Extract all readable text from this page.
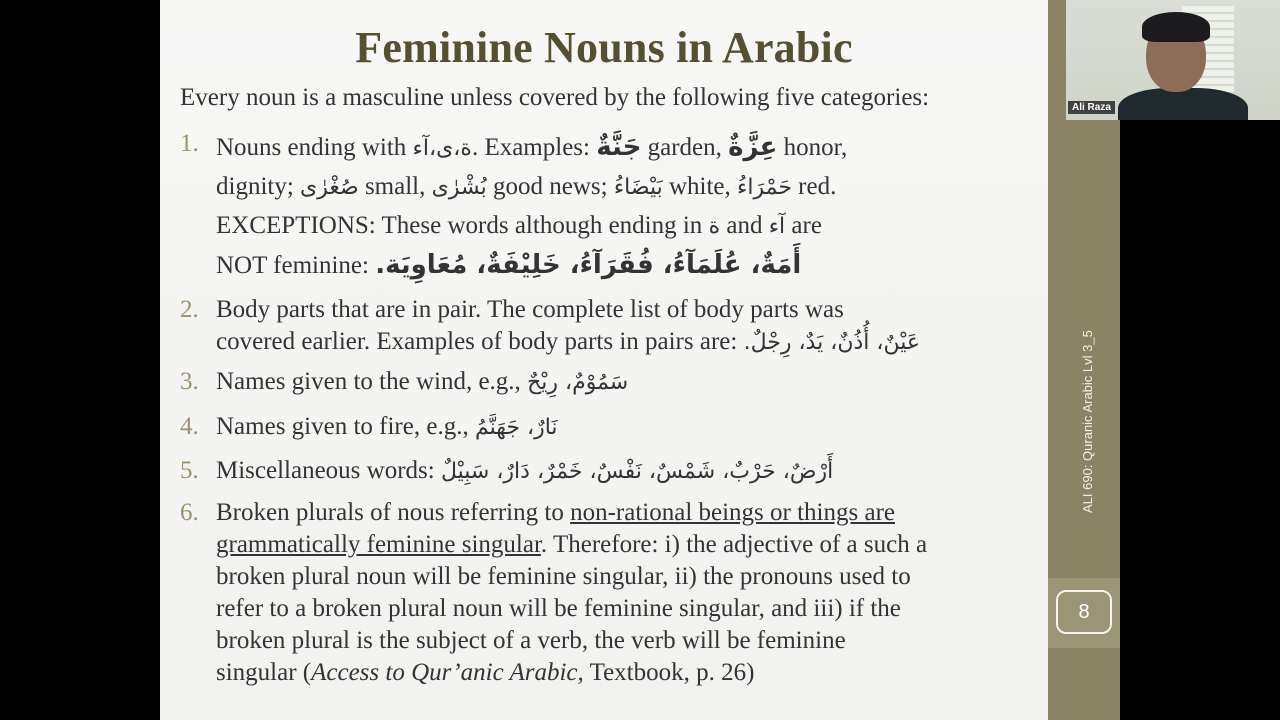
Feminine Nouns in Arabic
Every noun is a masculine unless covered by the following five categories:
1. Nouns ending with ة،ى،آء. Examples: جَنَّةٌ garden, عِزَّةٌ honor,
dignity; صُغْرٰى small, بُشْرٰى good news; بَيْضَاءُ white, حَمْرَاءُ red.
EXCEPTIONS: These words although ending in ة and آء are
NOT feminine: أَمَةٌ، عُلَمَآءُ، فُقَرَآءُ، خَلِيْفَةٌ، مُعَاوِيَة.
2. Body parts that are in pair. The complete list of body parts was
covered earlier. Examples of body parts in pairs are: عَيْنٌ، أُذُنٌ، يَدٌ، رِجْلٌ.
3. Names given to the wind, e.g., سَمُوْمٌ، رِيْحٌ
4. Names given to fire, e.g., نَارٌ، جَهَنَّمُ
5. Miscellaneous words: أَرْضٌ، حَرْبٌ، شَمْسٌ، نَفْسٌ، خَمْرٌ، دَارٌ، سَبِيْلٌ
6. Broken plurals of nous referring to non-rational beings or things are
grammatically feminine singular. Therefore: i) the adjective of a such a
broken plural noun will be feminine singular, ii) the pronouns used to
refer to a broken plural noun will be feminine singular, and iii) if the
broken plural is the subject of a verb, the verb will be feminine
singular (Access to Qur’anic Arabic, Textbook, p. 26)
ALI 690: Quranic Arabic Lvl 3_5
8
Ali Raza
